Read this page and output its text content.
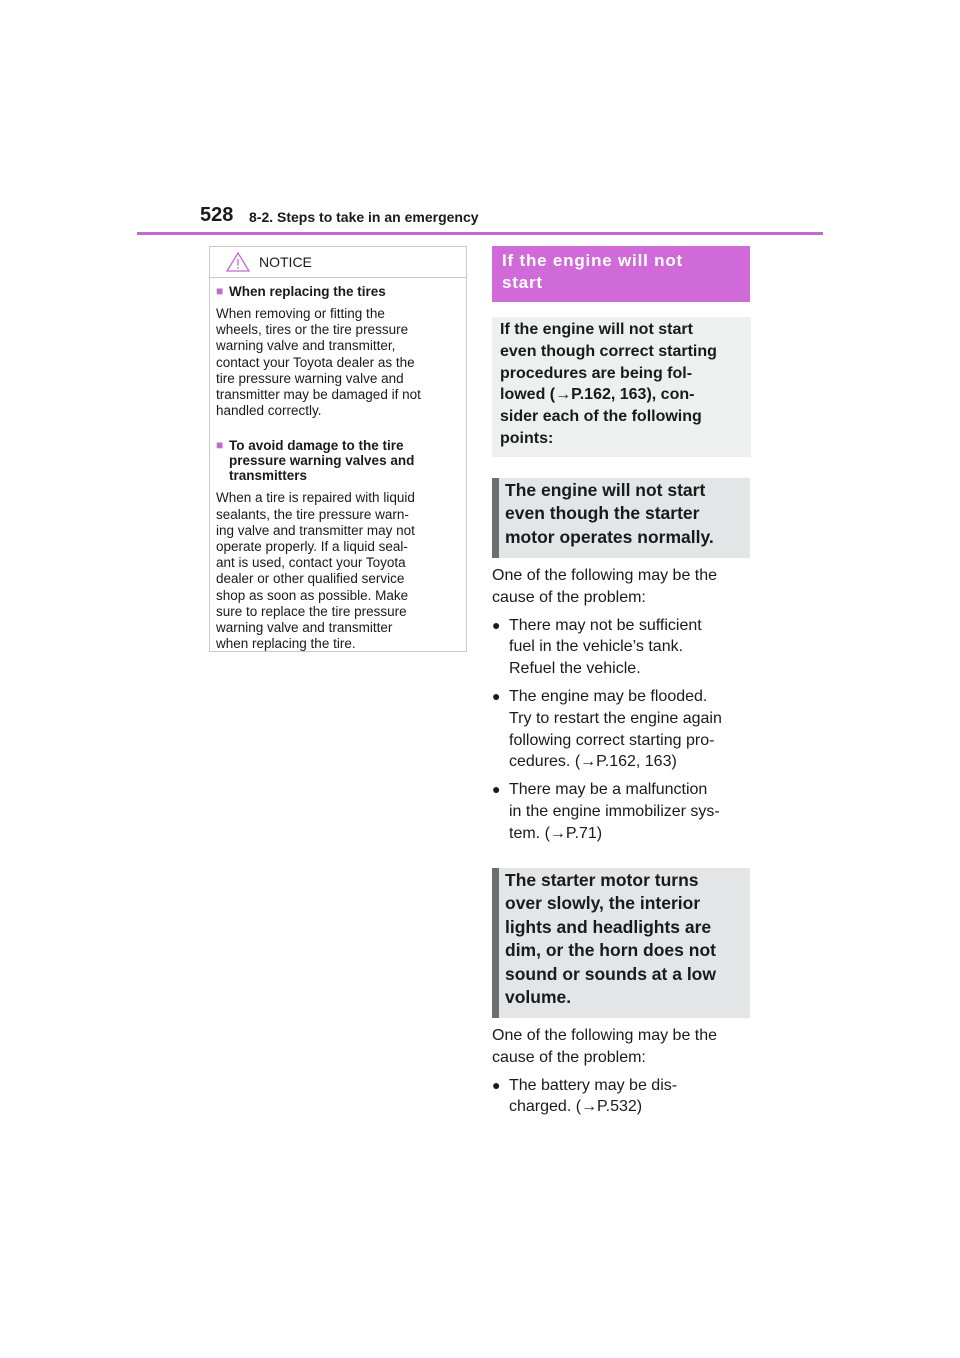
528 8-2. Steps to take in an emergency
NOTICE
■ When replacing the tires

When removing or fitting the
wheels, tires or the tire pressure
warning valve and transmitter,
contact your Toyota dealer as the
tire pressure warning valve and
transmitter may be damaged if not
handled correctly.

■ To avoid damage to the tire
pressure warning valves and
transmitters

When a tire is repaired with liquid
sealants, the tire pressure warn-
ing valve and transmitter may not
operate properly. If a liquid seal-
ant is used, contact your Toyota
dealer or other qualified service
shop as soon as possible. Make
sure to replace the tire pressure
warning valve and transmitter
when replacing the tire.

If the engine will not
start
If the engine will not start
even though correct starting
procedures are being fol-
lowed (→P.162, 163), con-
sider each of the following
points:
The engine will not start
even though the starter
motor operates normally.

One of the following may be the
cause of the problem:

● There may not be sufficient
fuel in the vehicle’s tank.
Refuel the vehicle.
● The engine may be flooded.
Try to restart the engine again
following correct starting pro-
cedures. (→P.162, 163)
● There may be a malfunction
in the engine immobilizer sys-
tem. (→P.71)
The starter motor turns
over slowly, the interior
lights and headlights are
dim, or the horn does not
sound or sounds at a low
volume.

One of the following may be the
cause of the problem:

● The battery may be dis-
charged. (→P.532)
